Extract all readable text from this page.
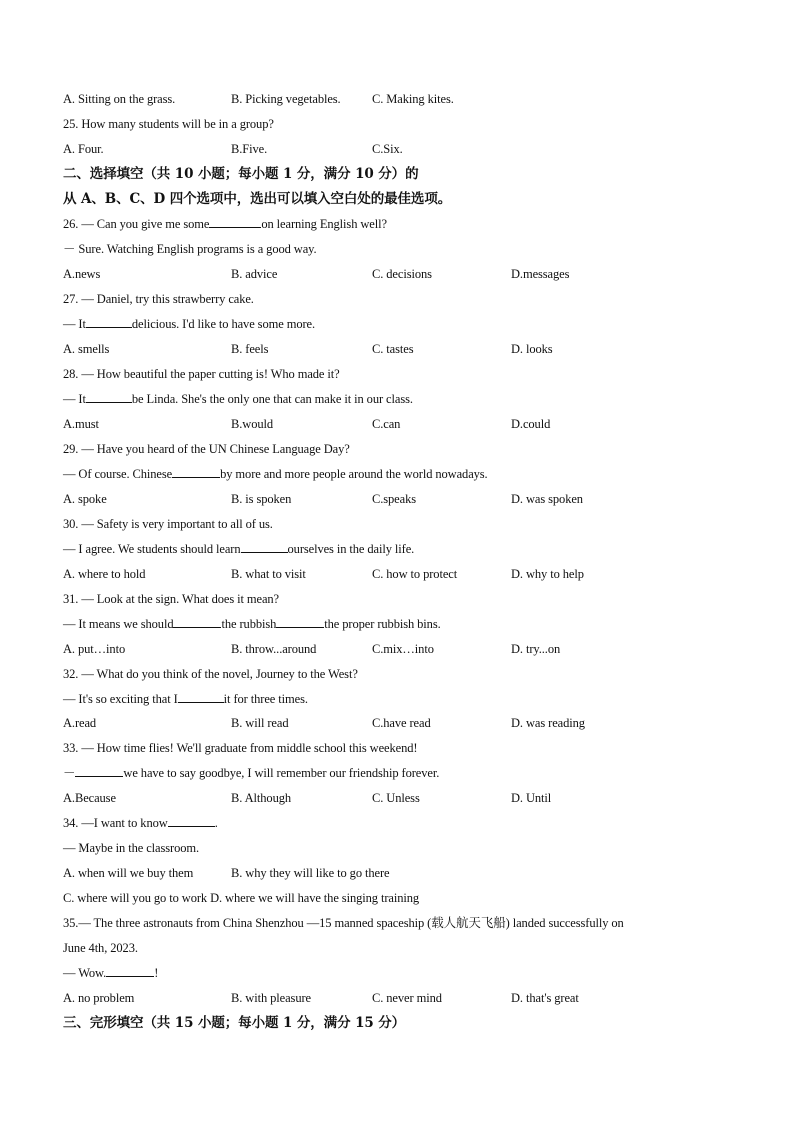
A. Sitting on the grass.	B. Picking vegetables.	C. Making kites.
25. How many students will be in a group?
A. Four.	B.Five.	C.Six.
二、选择填空（共 10 小题；每小题 1 分，满分 10 分）的
从 A、B、C、D 四个选项中，选出可以填入空白处的最佳选项。
26. — Can you give me some	on learning English well?
－ Sure. Watching English programs is a good way.
A.news	B. advice	C. decisions	D.messages
27. — Daniel, try this strawberry cake.
— It	delicious. I'd like to have some more.
A. smells	B. feels	C. tastes	D. looks
28. — How beautiful the paper cutting is! Who made it?
— It	be Linda. She's the only one that can make it in our class.
A.must	B.would	C.can	D.could
29. — Have you heard of the UN Chinese Language Day?
— Of course. Chinese	by more and more people around the world nowadays.
A. spoke	B. is spoken	C.speaks	D. was spoken
30. — Safety is very important to all of us.
— I agree. We students should learn	ourselves in the daily life.
A. where to hold	B. what to visit	C. how to protect	D. why to help
31. — Look at the sign. What does it mean?
— It means we should	the rubbish	the proper rubbish bins.
A. put…into	B. throw...around	C.mix…into	D. try...on
32. — What do you think of the novel, Journey to the West?
— It's so exciting that I	it for three times.
A.read	B. will read	C.have read	D. was reading
33. — How time flies! We'll graduate from middle school this weekend!
－	we have to say goodbye, I will remember our friendship forever.
A.Because	B. Although	C. Unless	D. Until
34. —I want to know	.
— Maybe in the classroom.
A. when will we buy them	B. why they will like to go there
C. where will you go to work D. where we will have the singing training
35.— The three astronauts from China Shenzhou —15 manned spaceship (载人航天飞船) landed successfully on
June 4th, 2023.
— Wow.	!
A. no problem	B. with pleasure	C. never mind	D. that's great
三、完形填空（共 15 小题；每小题 1 分，满分 15 分）
